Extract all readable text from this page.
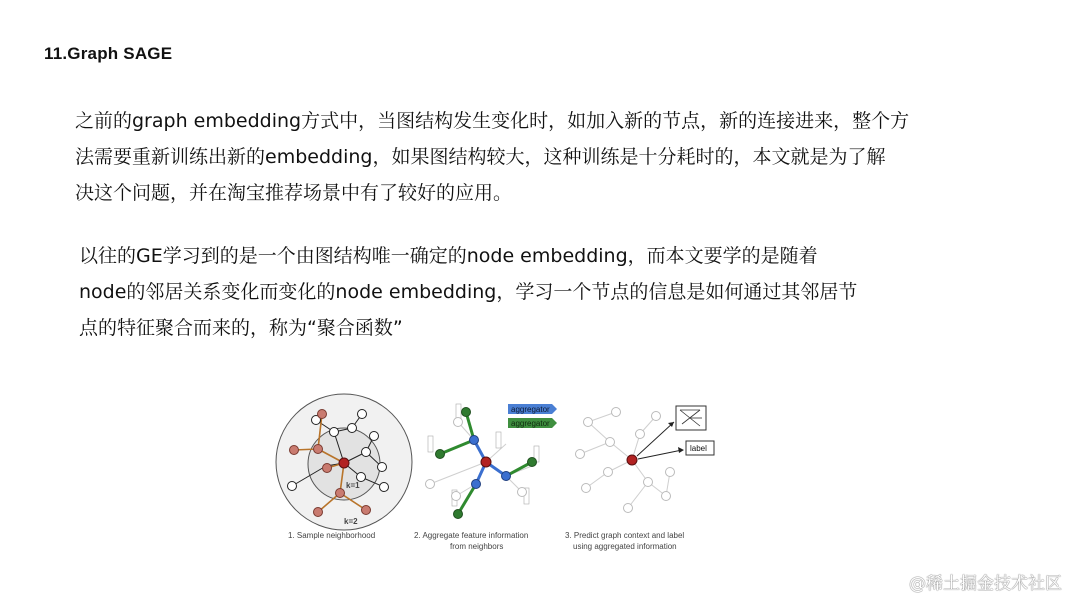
11.Graph SAGE

之前的graph embedding方式中，当图结构发生变化时，如加入新的节点，新的连接进来，整个方
法需要重新训练出新的embedding，如果图结构较大，这种训练是十分耗时的，本文就是为了解
决这个问题，并在淘宝推荐场景中有了较好的应用。

以往的GE学习到的是一个由图结构唯一确定的node embedding，而本文要学的是随着
node的邻居关系变化而变化的node embedding，学习一个节点的信息是如何通过其邻居节
点的特征聚合而来的，称为“聚合函数”

k=1
k=2
1. Sample neighborhood
aggregator
aggregator
2. Aggregate feature information
from neighbors
label
3. Predict graph context and label
using aggregated information
@稀土掘金技术社区
